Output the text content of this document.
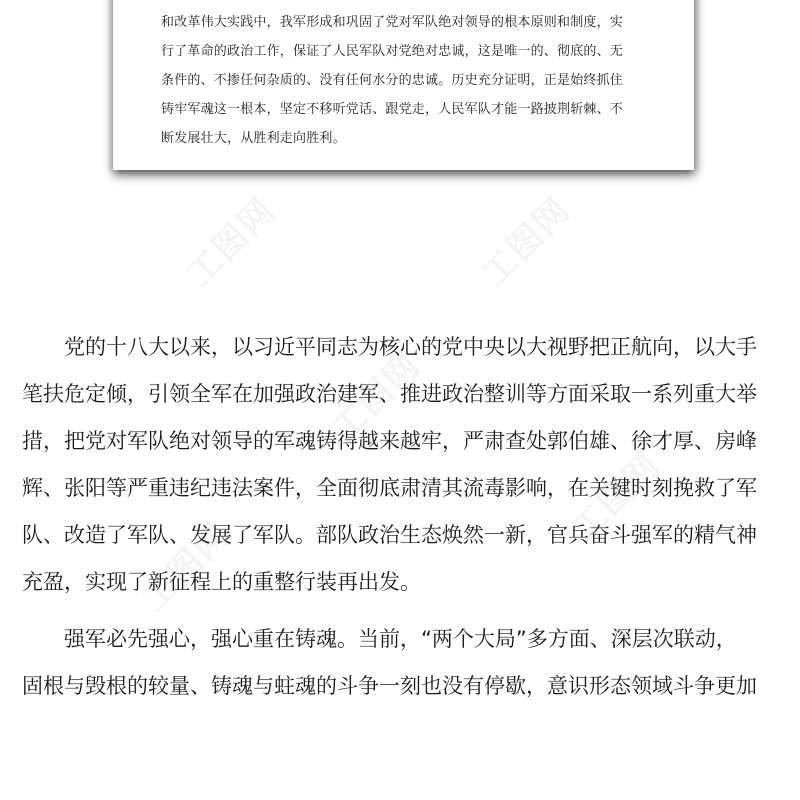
和改革伟大实践中，我军形成和巩固了党对军队绝对领导的根本原则和制度，实
行了革命的政治工作，保证了人民军队对党绝对忠诚，这是唯一的、彻底的、无
条件的、不掺任何杂质的、没有任何水分的忠诚。历史充分证明，正是始终抓住
铸牢军魂这一根本，坚定不移听党话、跟党走，人民军队才能一路披荆斩棘、不
断发展壮大，从胜利走向胜利。

工图网	工图网
工图网
工图网
工图网

党的十八大以来，以习近平同志为核心的党中央以大视野把正航向，以大手
笔扶危定倾，引领全军在加强政治建军、推进政治整训等方面采取一系列重大举
措，把党对军队绝对领导的军魂铸得越来越牢，严肃查处郭伯雄、徐才厚、房峰
辉、张阳等严重违纪违法案件，全面彻底肃清其流毒影响，在关键时刻挽救了军
队、改造了军队、发展了军队。部队政治生态焕然一新，官兵奋斗强军的精气神
充盈，实现了新征程上的重整行装再出发。

强军必先强心，强心重在铸魂。当前，“两个大局”多方面、深层次联动，
固根与毁根的较量、铸魂与蛀魂的斗争一刻也没有停歇，意识形态领域斗争更加
